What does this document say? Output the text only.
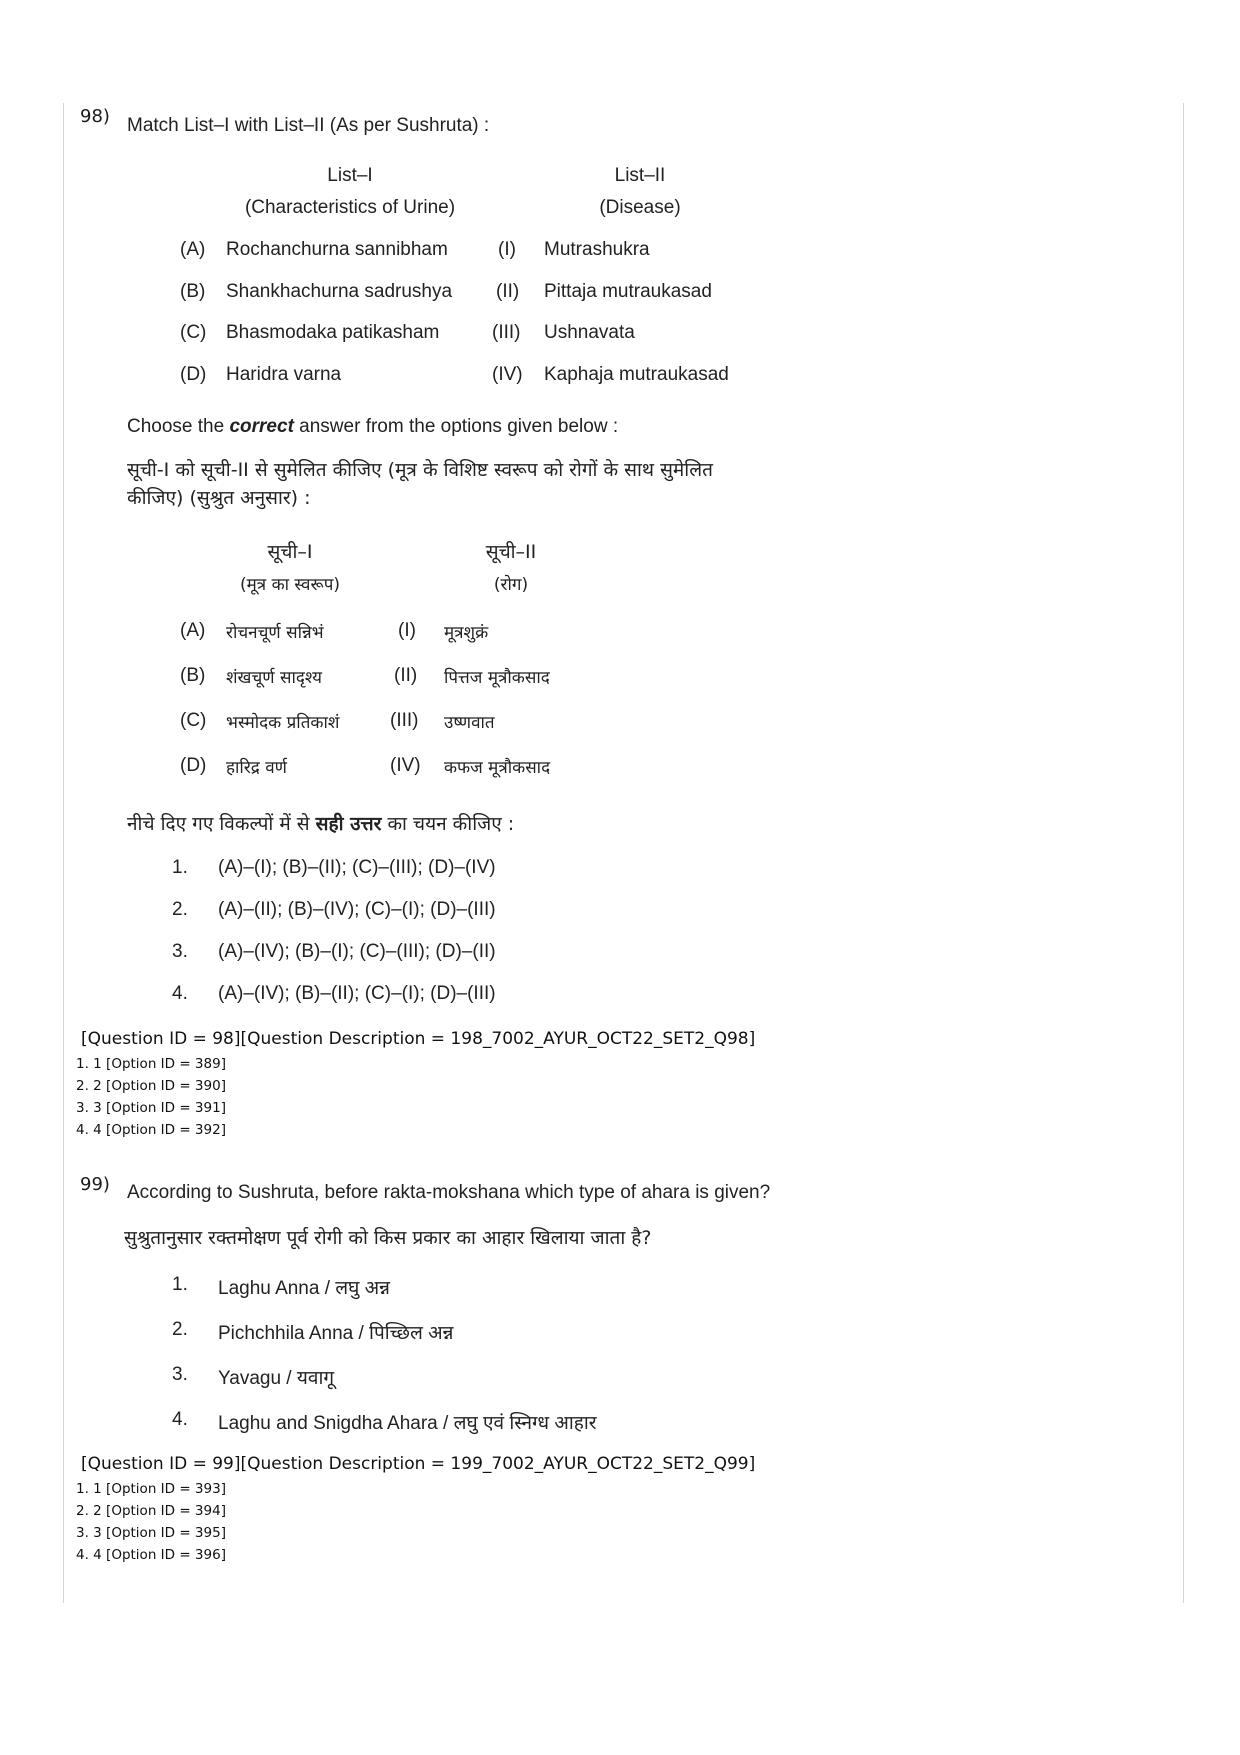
98) Match List–I with List–II (As per Sushruta) :
List–I
(Characteristics of Urine)
List–II
(Disease)
(A) Rochanchurna sannibham	(I) Mutrashukra
(B) Shankhachurna sadrushya (II) Pittaja mutraukasad
(C) Bhasmodaka patikasham	(III) Ushnavata
(D) Haridra varna	(IV) Kaphaja mutraukasad
Choose the correct answer from the options given below :
सूची-I को सूची-II से सुमेलित कीजिए (मूत्र के विशिष्ट स्वरूप को रोगों के साथ सुमेलित
कीजिए) (सुश्रुत अनुसार) :
सूची–I
(मूत्र का स्वरूप)
सूची–II
(रोग)
(A) रोचनचूर्ण सन्निभं	(I) मूत्रशुक्रं
(B) शंखचूर्ण सादृश्य	(II) पित्तज मूत्रौकसाद
(C) भस्मोदक प्रतिकाशं	(III) उष्णवात
(D) हारिद्र वर्ण	(IV) कफज मूत्रौकसाद
नीचे दिए गए विकल्पों में से सही उत्तर का चयन कीजिए :
1. (A)–(I); (B)–(II); (C)–(III); (D)–(IV)
2. (A)–(II); (B)–(IV); (C)–(I); (D)–(III)
3. (A)–(IV); (B)–(I); (C)–(III); (D)–(II)
4. (A)–(IV); (B)–(II); (C)–(I); (D)–(III)
[Question ID = 98][Question Description = 198_7002_AYUR_OCT22_SET2_Q98]
1. 1 [Option ID = 389]
2. 2 [Option ID = 390]
3. 3 [Option ID = 391]
4. 4 [Option ID = 392]
99) According to Sushruta, before rakta-mokshana which type of ahara is given?
सुश्रुतानुसार रक्तमोक्षण पूर्व रोगी को किस प्रकार का आहार खिलाया जाता है?
1. Laghu Anna / लघु अन्न
2. Pichchhila Anna / पिच्छिल अन्न
3. Yavagu / यवागू
4. Laghu and Snigdha Ahara / लघु एवं स्निग्ध आहार
[Question ID = 99][Question Description = 199_7002_AYUR_OCT22_SET2_Q99]
1. 1 [Option ID = 393]
2. 2 [Option ID = 394]
3. 3 [Option ID = 395]
4. 4 [Option ID = 396]
